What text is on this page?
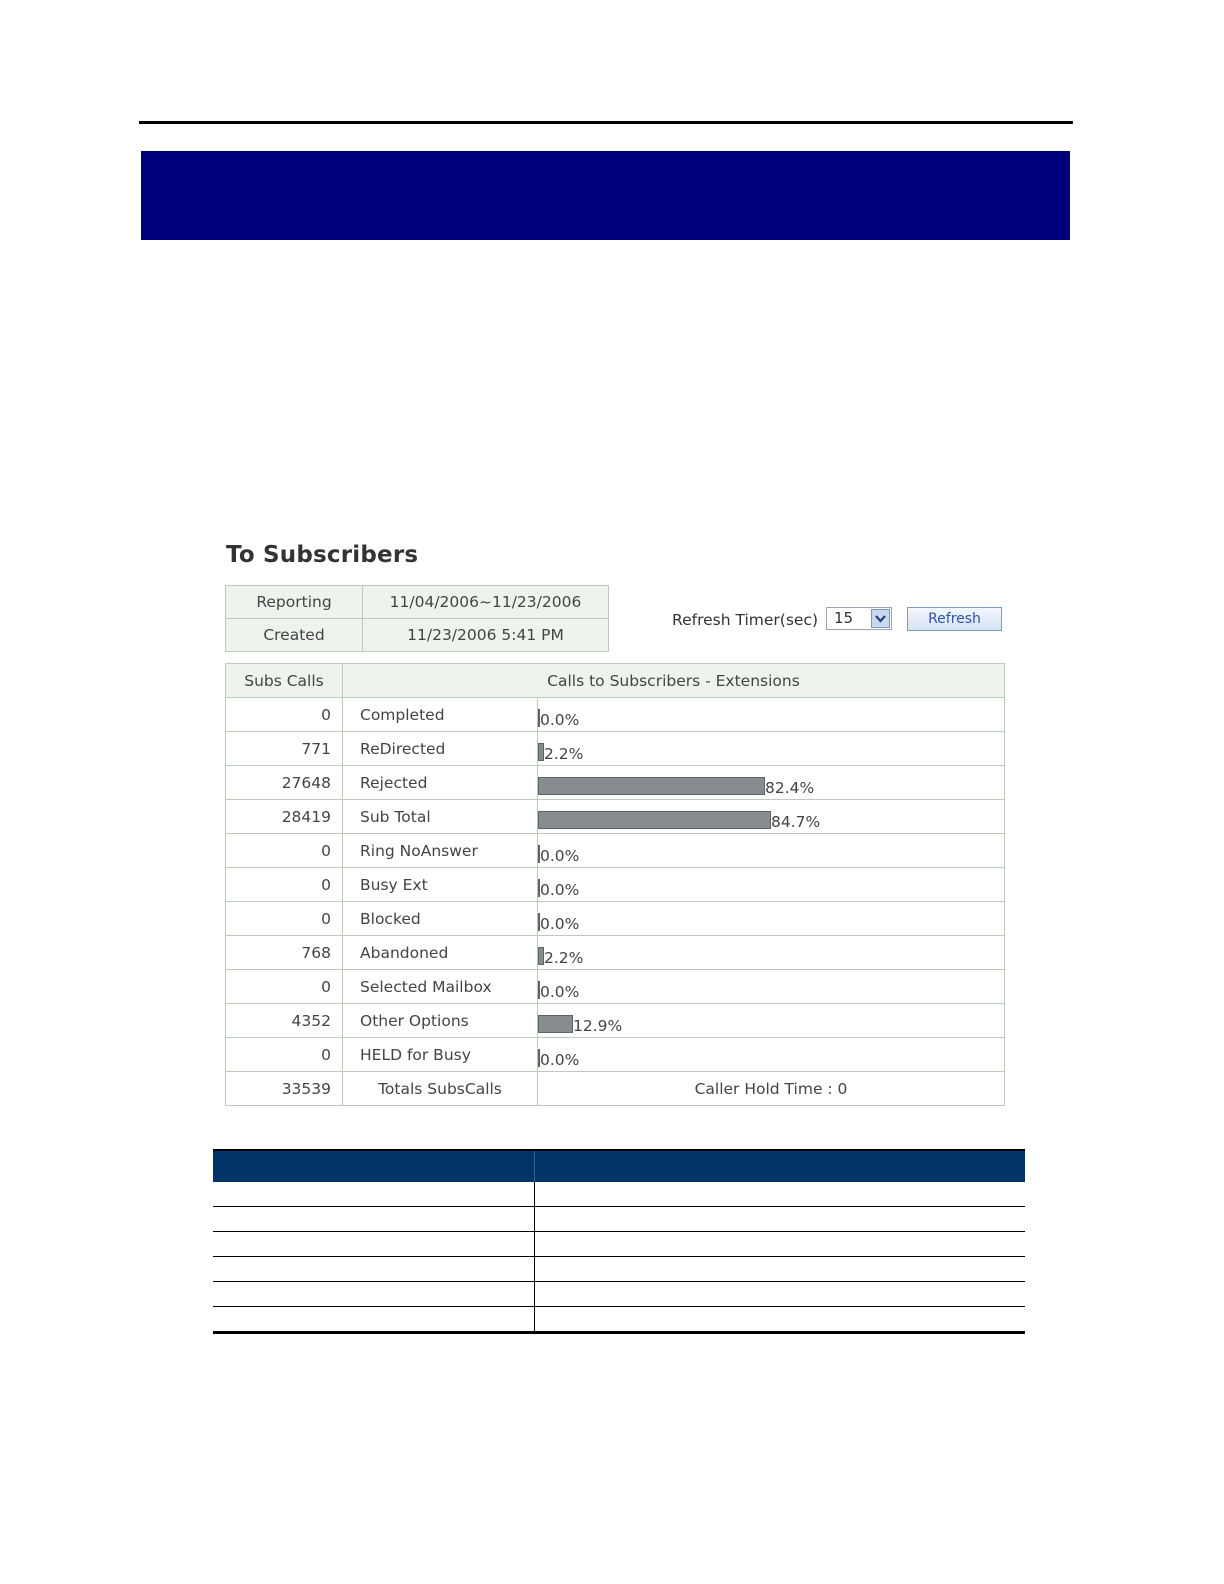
To Subscribers
Reporting	11/04/2006~11/23/2006
Created	11/23/2006 5:41 PM
Refresh Timer(sec) 15	Refresh
Subs Calls	Calls to Subscribers - Extensions	
0	Completed	0.0%

771	ReDirected	2.2%

27648	Rejected	82.4%

28419	Sub Total	84.7%

0	Ring NoAnswer	0.0%

0	Busy Ext	0.0%

0	Blocked	0.0%

768	Abandoned	2.2%

0	Selected Mailbox	0.0%

4352	Other Options	12.9%

0	HELD for Busy	0.0%

33539	Totals SubsCalls	Caller Hold Time : 0
